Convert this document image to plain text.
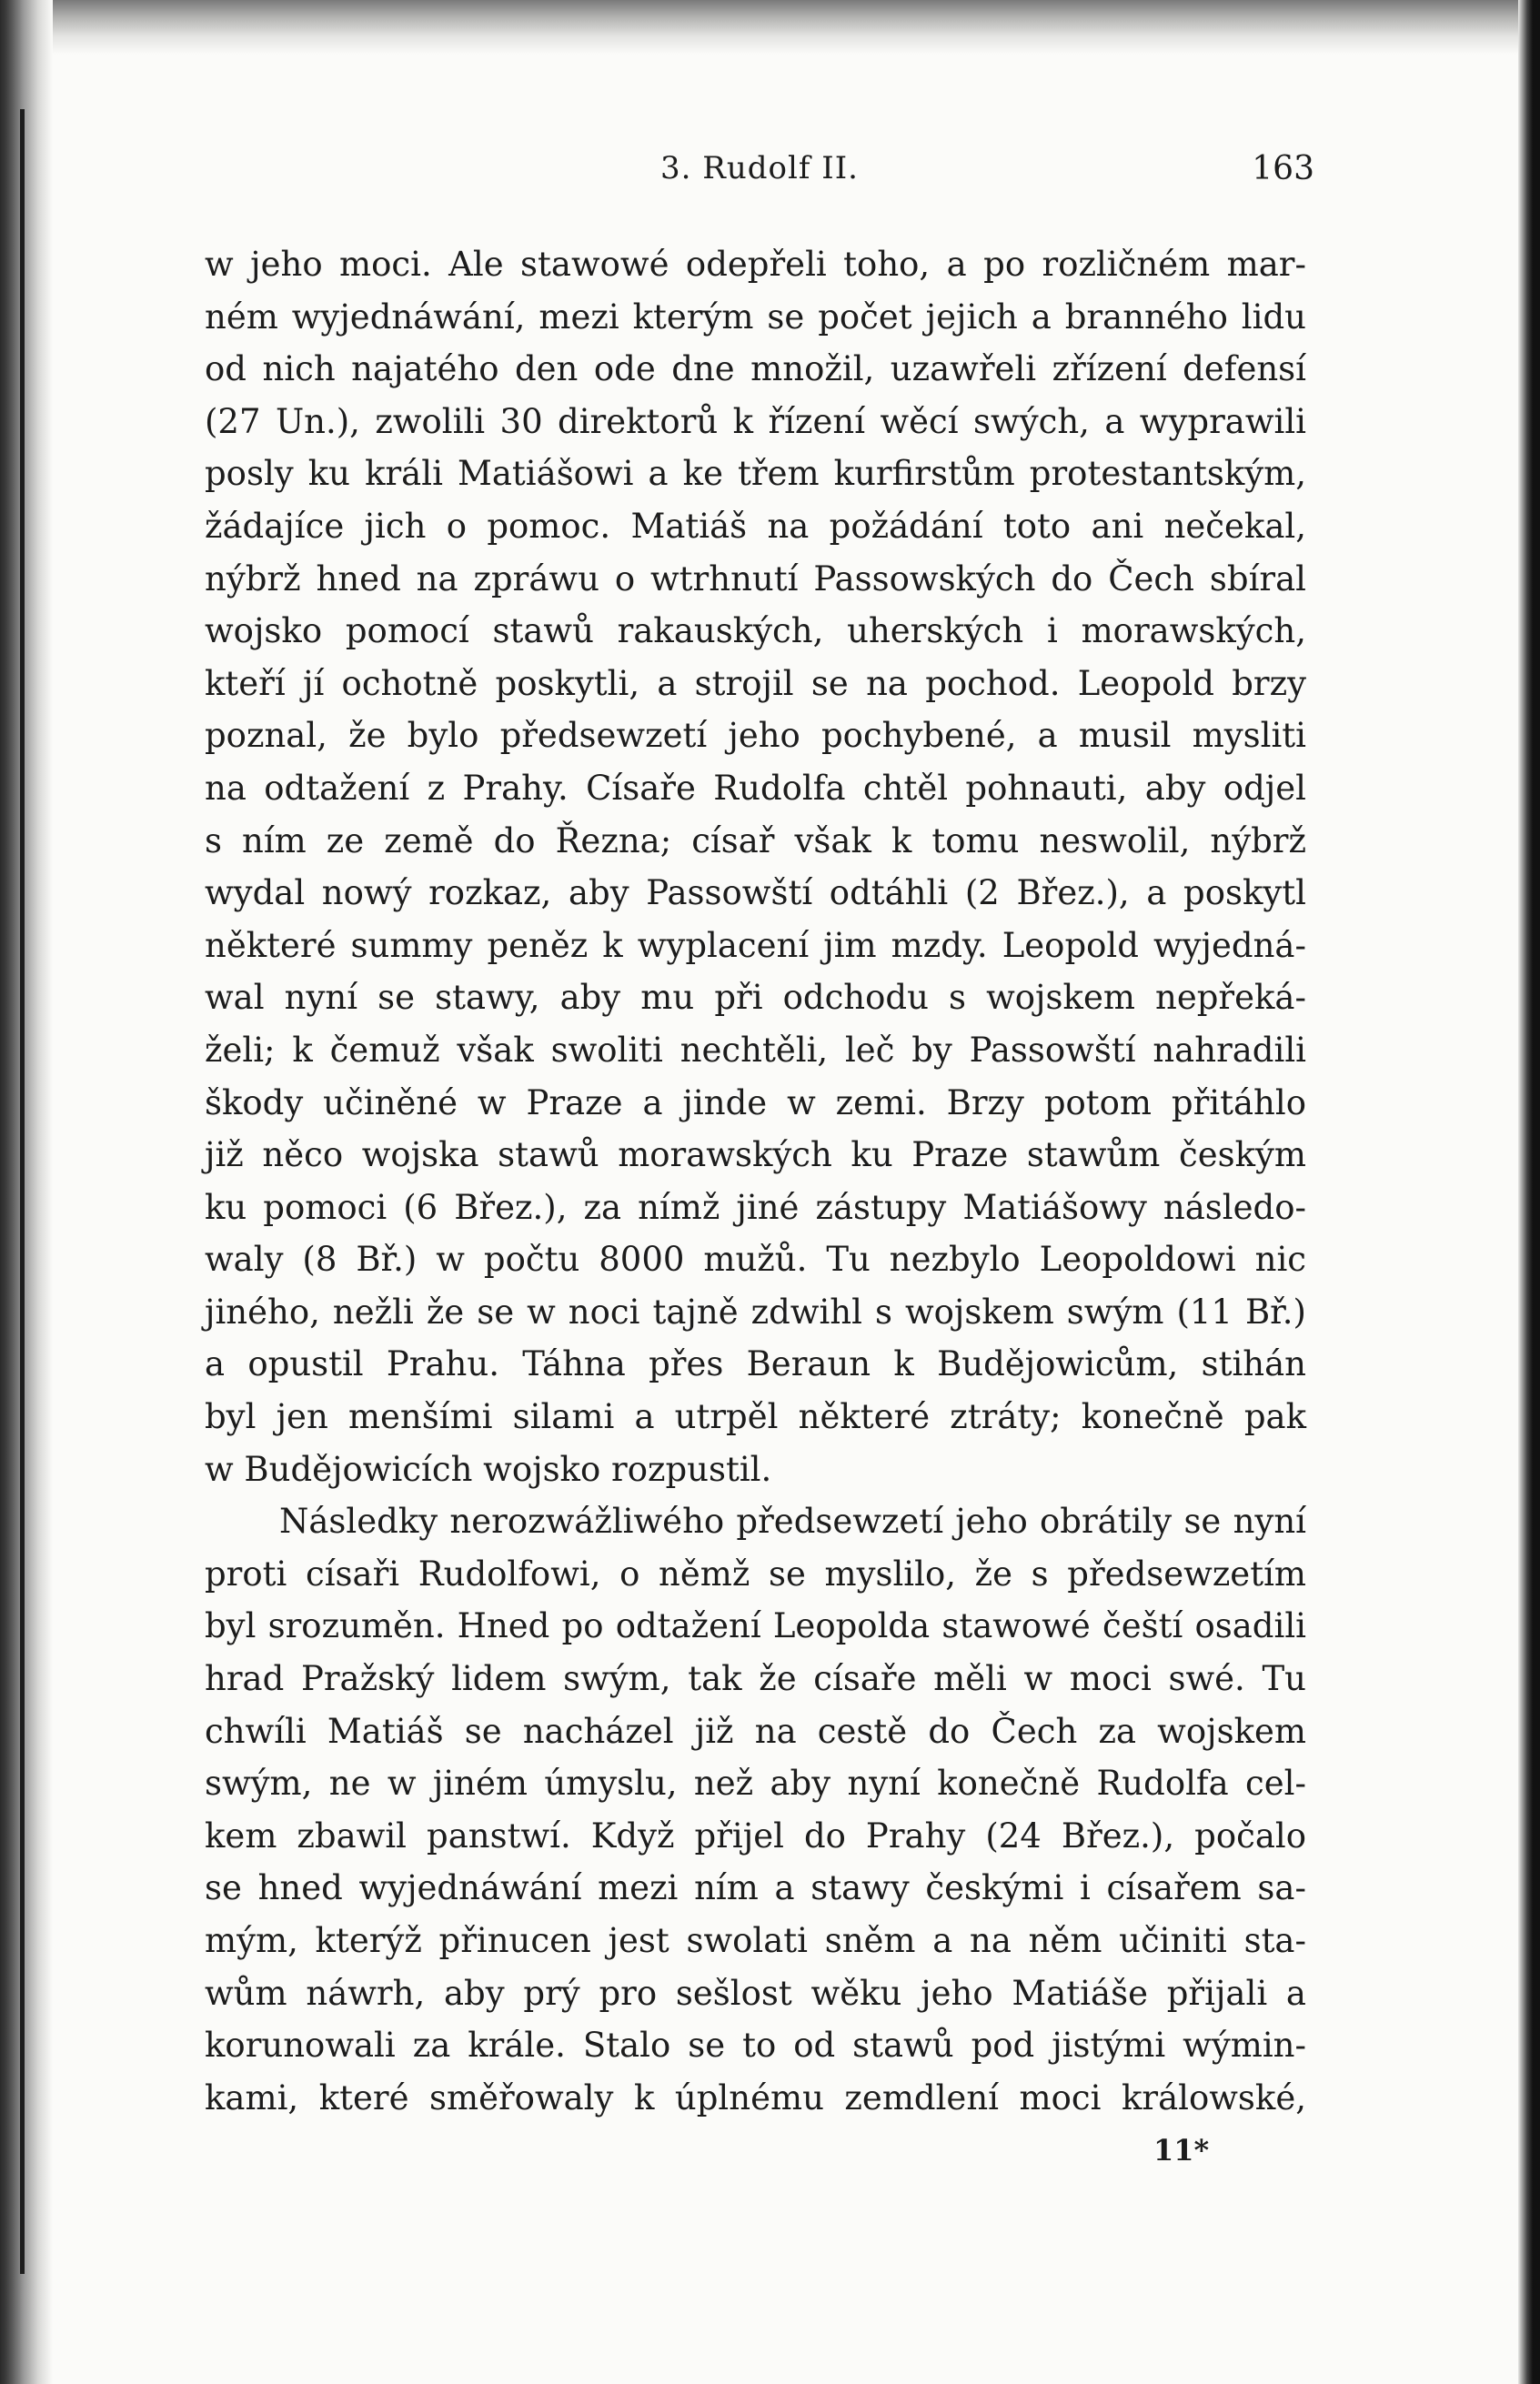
3. Rudolf II.	163
w jeho moci. Ale stawowé odepřeli toho, a po rozličném mar-
ném wyjednáwání, mezi kterým se počet jejich a branného lidu
od nich najatého den ode dne množil, uzawřeli zřízení defensí
(27 Un.), zwolili 30 direktorů k řízení wěcí swých, a wyprawili
posly ku králi Matiášowi a ke třem kurfirstům protestantským,
žádajíce jich o pomoc. Matiáš na požádání toto ani nečekal,
nýbrž hned na zpráwu o wtrhnutí Passowských do Čech sbíral
wojsko pomocí stawů rakauských, uherských i morawských,
kteří jí ochotně poskytli, a strojil se na pochod. Leopold brzy
poznal, že bylo předsewzetí jeho pochybené, a musil mysliti
na odtažení z Prahy. Císaře Rudolfa chtěl pohnauti, aby odjel
s ním ze země do Řezna; císař však k tomu neswolil, nýbrž
wydal nowý rozkaz, aby Passowští odtáhli (2 Břez.), a poskytl
některé summy peněz k wyplacení jim mzdy. Leopold wyjedná-
wal nyní se stawy, aby mu při odchodu s wojskem nepřeká-
želi; k čemuž však swoliti nechtěli, leč by Passowští nahradili
škody učiněné w Praze a jinde w zemi. Brzy potom přitáhlo
již něco wojska stawů morawských ku Praze stawům českým
ku pomoci (6 Břez.), za nímž jiné zástupy Matiášowy následo-
waly (8 Bř.) w počtu 8000 mužů. Tu nezbylo Leopoldowi nic
jiného, nežli že se w noci tajně zdwihl s wojskem swým (11 Bř.)
a opustil Prahu. Táhna přes Beraun k Budějowicům, stihán
byl jen menšími silami a utrpěl některé ztráty; konečně pak
w Budějowicích wojsko rozpustil.
Následky nerozwážliwého předsewzetí jeho obrátily se nyní
proti císaři Rudolfowi, o němž se myslilo, že s předsewzetím
byl srozuměn. Hned po odtažení Leopolda stawowé čeští osadili
hrad Pražský lidem swým, tak že císaře měli w moci swé. Tu
chwíli Matiáš se nacházel již na cestě do Čech za wojskem
swým, ne w jiném úmyslu, než aby nyní konečně Rudolfa cel-
kem zbawil panstwí. Když přijel do Prahy (24 Břez.), počalo
se hned wyjednáwání mezi ním a stawy českými i císařem sa-
mým, kterýž přinucen jest swolati sněm a na něm učiniti sta-
wům náwrh, aby prý pro sešlost wěku jeho Matiáše přijali a
korunowali za krále. Stalo se to od stawů pod jistými wýmin-
kami, které směřowaly k úplnému zemdlení moci králowské,
11*
